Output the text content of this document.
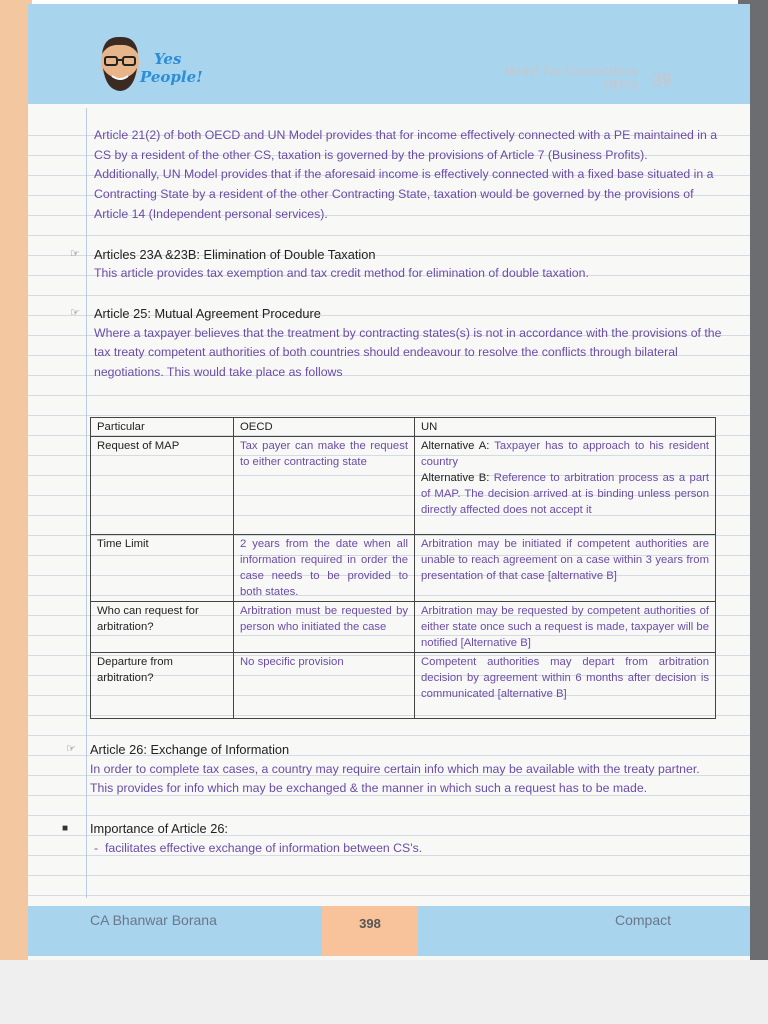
Yes
People!	Model Tax Conventions
(MTC) 39

Article 21(2) of both OECD and UN Model provides that for income effectively connected with a PE maintained in a CS by a resident of the other CS, taxation is governed by the provisions of Article 7 (Business Profits).

Additionally, UN Model provides that if the aforesaid income is effectively connected with a fixed base situated in a Contracting State by a resident of the other Contracting State, taxation would be governed by the provisions of Article 14 (Independent personal services).

☞ Articles 23A &23B: Elimination of Double Taxation

This article provides tax exemption and tax credit method for elimination of double taxation.

☞ Article 25: Mutual Agreement Procedure

Where a taxpayer believes that the treatment by contracting states(s) is not in accordance with the provisions of the tax treaty competent authorities of both countries should endeavour to resolve the conflicts through bilateral negotiations. This would take place as follows

Particular	OECD	UN
Request of MAP	Tax payer can make the request to either contracting state	Alternative A: Taxpayer has to approach to his resident country
Alternative B: Reference to arbitration process as a part of MAP. The decision arrived at is binding unless person directly affected does not accept it
Time Limit	2 years from the date when all information required in order the case needs to be provided to both states.	Arbitration may be initiated if competent authorities are unable to reach agreement on a case within 3 years from presentation of that case [alternative B]
Who can request for arbitration?	Arbitration must be requested by person who initiated the case	Arbitration may be requested by competent authorities of either state once such a request is made, taxpayer will be notified [Alternative B]
Departure from arbitration?	No specific provision	Competent authorities may depart from arbitration decision by agreement within 6 months after decision is communicated [alternative B]
☞ Article 26: Exchange of Information

In order to complete tax cases, a country may require certain info which may be available with the treaty partner. This provides for info which may be exchanged & the manner in which such a request has to be made.

■ Importance of Article 26:

-  facilitates effective exchange of information between CS's.

CA Bhanwar Borana	398	Compact
